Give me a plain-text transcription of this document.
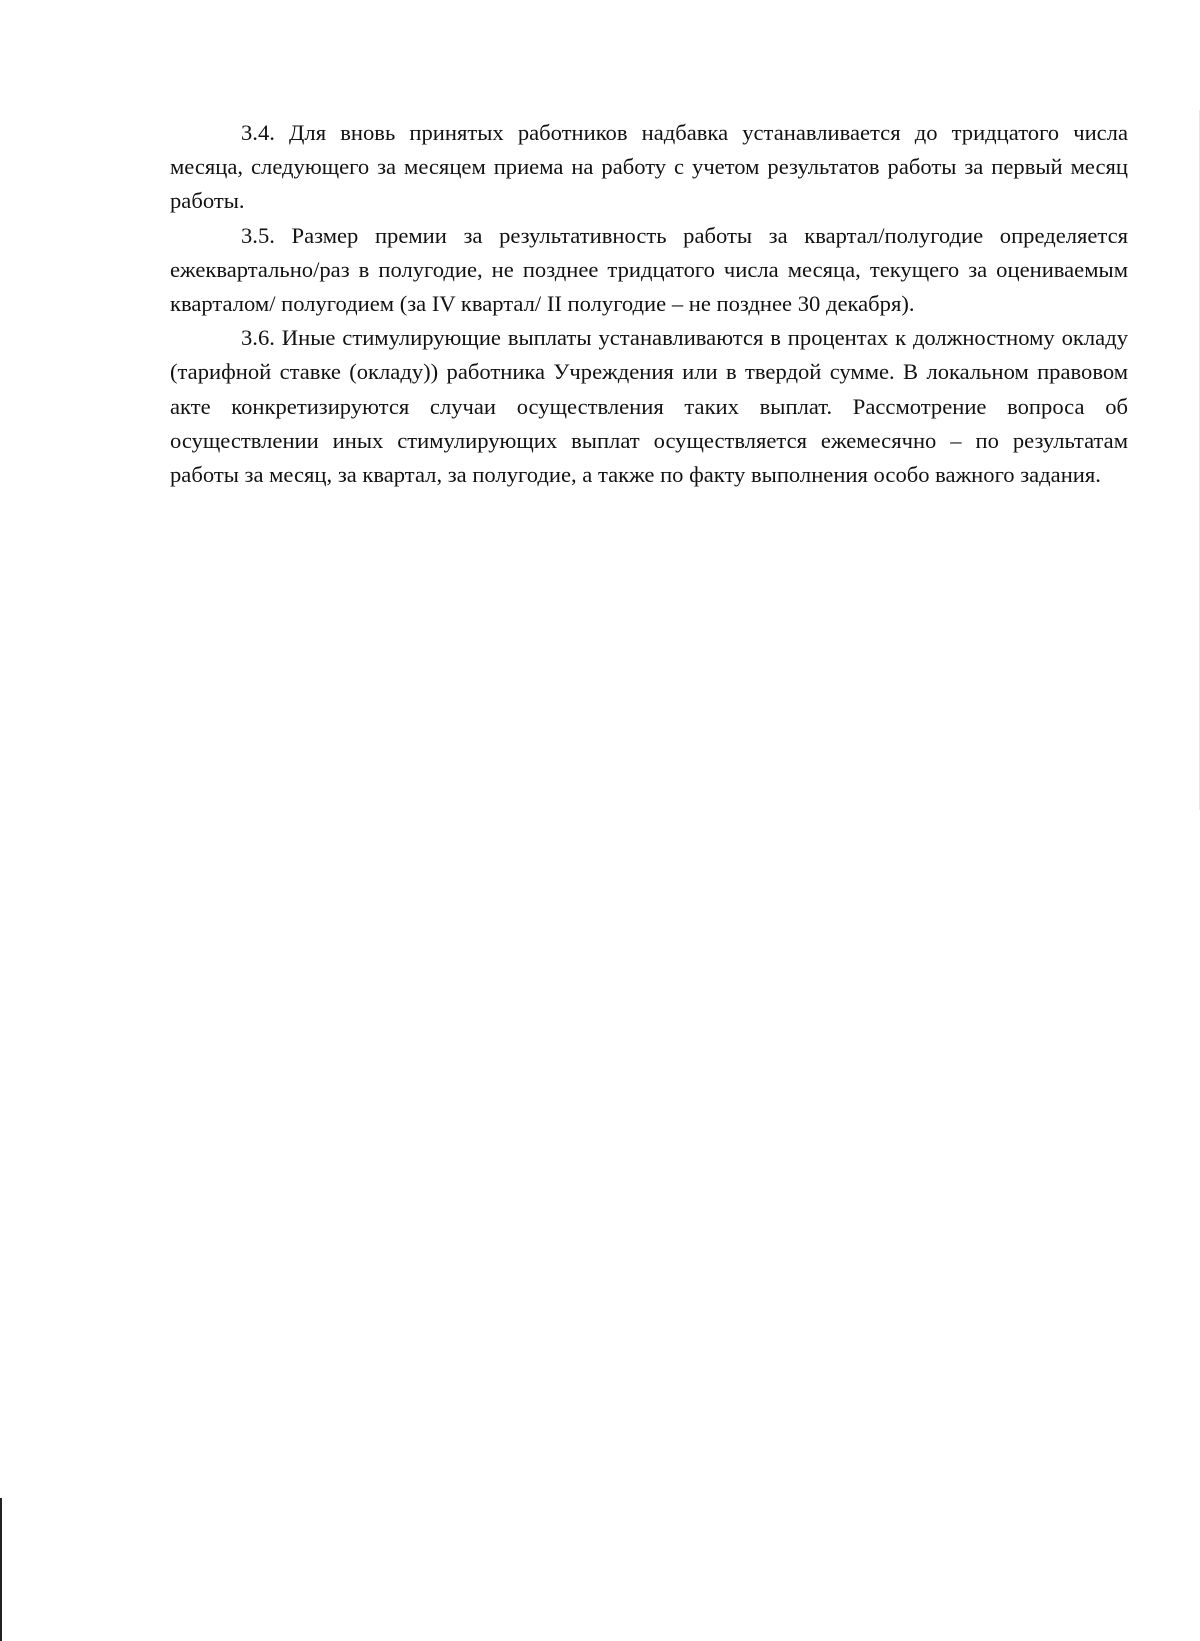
3.4. Для вновь принятых работников надбавка устанавливается до тридцатого числа месяца, следующего за месяцем приема на работу с учетом результатов работы за первый месяц работы.

3.5. Размер премии за результативность работы за квартал/полугодие определяется ежеквартально/раз в полугодие, не позднее тридцатого числа месяца, текущего за оцениваемым кварталом/ полугодием (за IV квартал/ II полугодие – не позднее 30 декабря).

3.6. Иные стимулирующие выплаты устанавливаются в процентах к должностному окладу (тарифной ставке (окладу)) работника Учреждения или в твердой сумме. В локальном правовом акте конкретизируются случаи осуществления таких выплат. Рассмотрение вопроса об осуществлении иных стимулирующих выплат осуществляется ежемесячно – по результатам работы за месяц, за квартал, за полугодие, а также по факту выполнения особо важного задания.
